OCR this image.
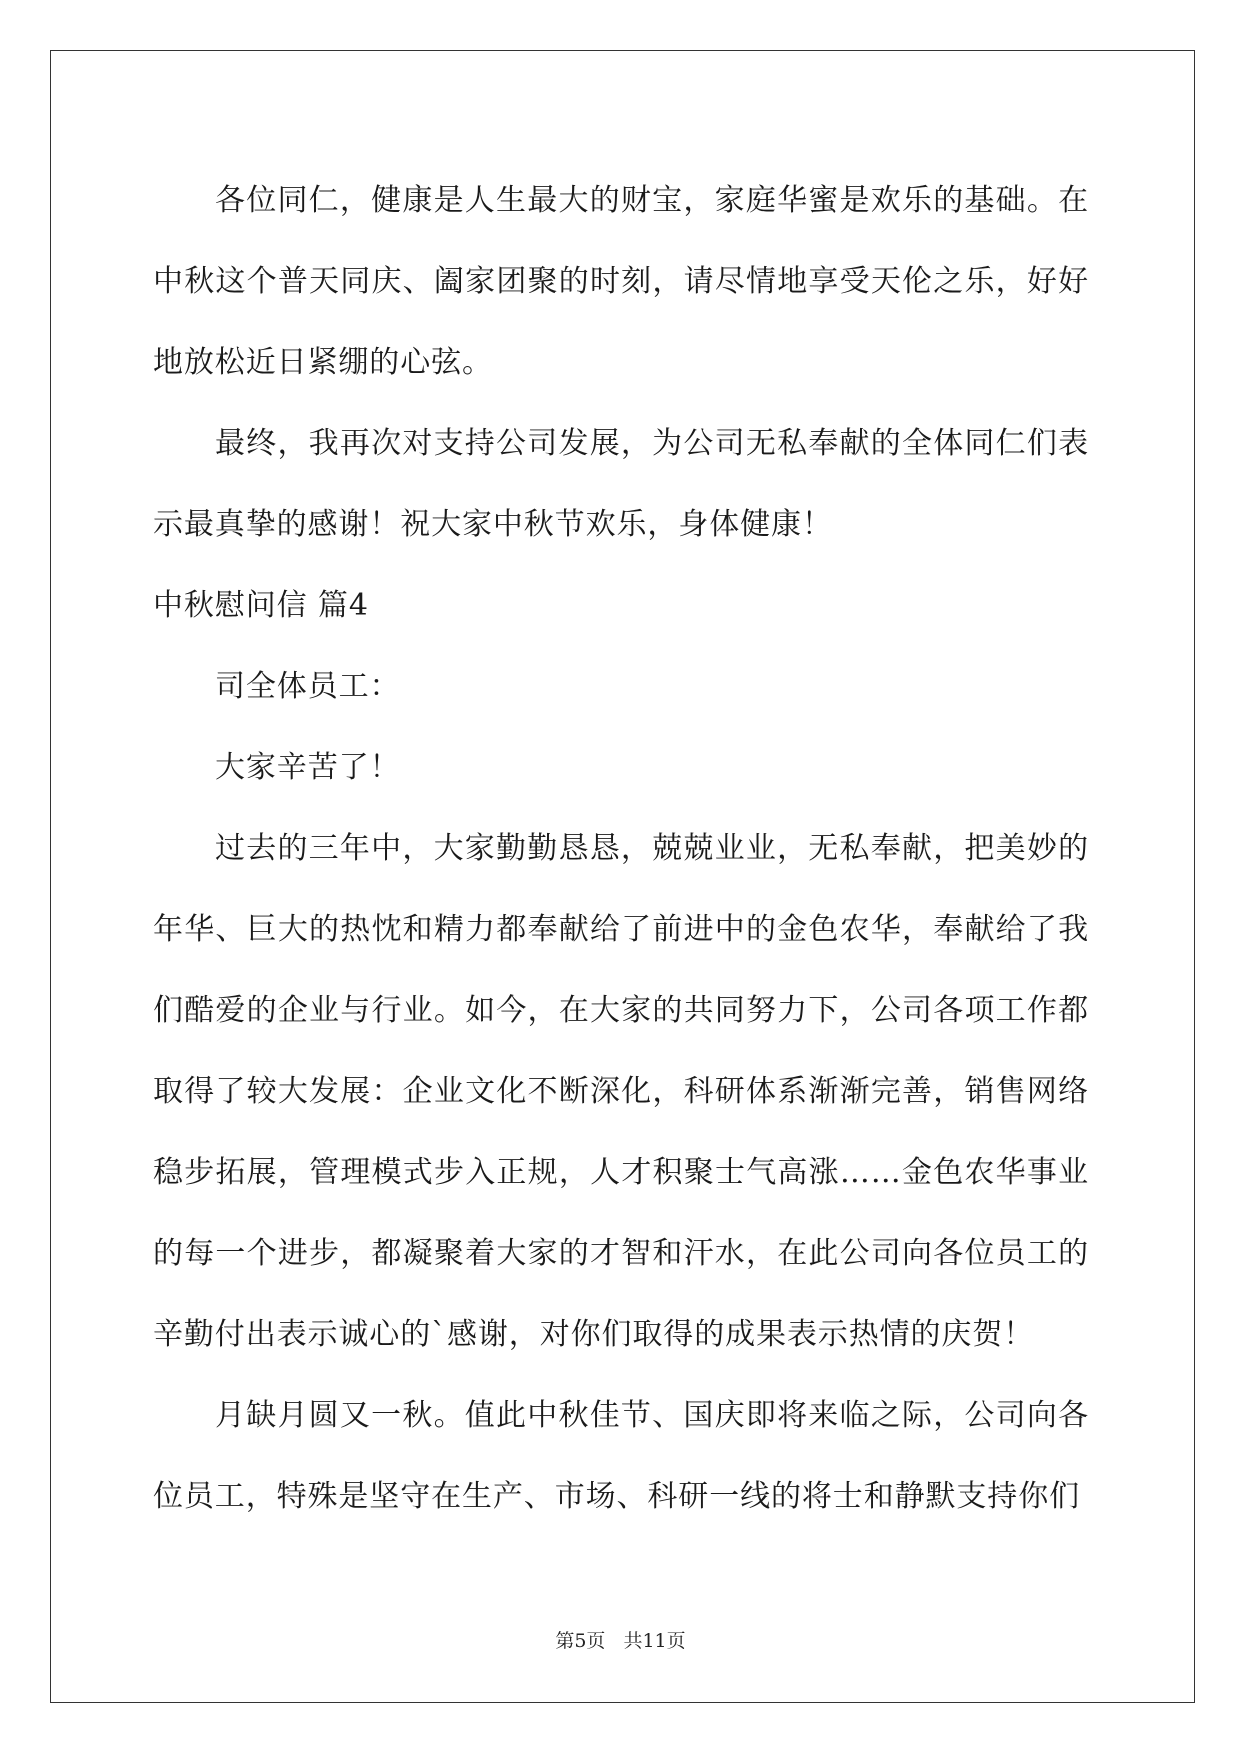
各位同仁，健康是人生最大的财宝，家庭华蜜是欢乐的基础。在中秋这个普天同庆、阖家团聚的时刻，请尽情地享受天伦之乐，好好地放松近日紧绷的心弦。

最终，我再次对支持公司发展，为公司无私奉献的全体同仁们表示最真挚的感谢！祝大家中秋节欢乐，身体健康！

中秋慰问信 篇4

司全体员工：

大家辛苦了！

过去的三年中，大家勤勤恳恳，兢兢业业，无私奉献，把美妙的年华、巨大的热忱和精力都奉献给了前进中的金色农华，奉献给了我们酷爱的企业与行业。如今，在大家的共同努力下，公司各项工作都取得了较大发展：企业文化不断深化，科研体系渐渐完善，销售网络稳步拓展，管理模式步入正规，人才积聚士气高涨……金色农华事业的每一个进步，都凝聚着大家的才智和汗水，在此公司向各位员工的辛勤付出表示诚心的`感谢，对你们取得的成果表示热情的庆贺！

月缺月圆又一秋。值此中秋佳节、国庆即将来临之际，公司向各位员工，特殊是坚守在生产、市场、科研一线的将士和静默支持你们

第5页 共11页
